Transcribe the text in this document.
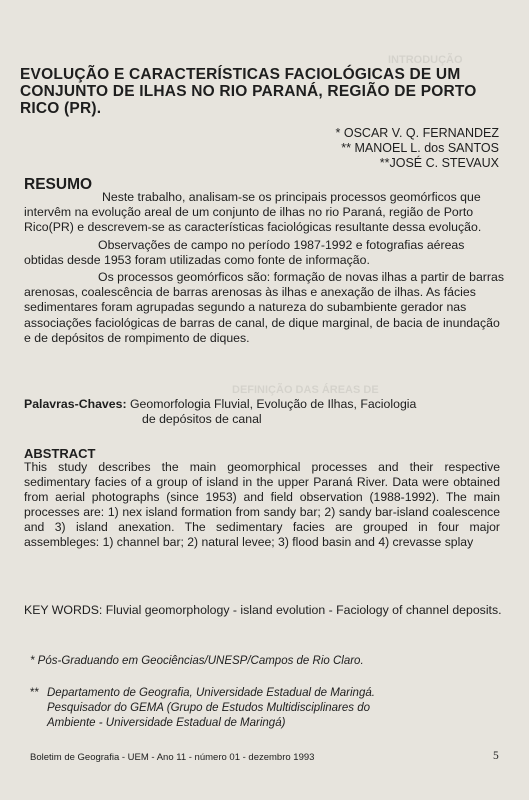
INTRODUÇÃO
DEFINIÇÃO DAS ÁREAS DE
EVOLUÇÃO E CARACTERÍSTICAS FACIOLÓGICAS DE UM CONJUNTO DE ILHAS NO RIO PARANÁ, REGIÃO DE PORTO RICO (PR).
* OSCAR V. Q. FERNANDEZ
** MANOEL L. dos SANTOS
**JOSÉ C. STEVAUX
RESUMO

Neste trabalho, analisam-se os principais processos geomórficos que intervêm na evolução areal de um conjunto de ilhas no rio Paraná, região de Porto Rico(PR) e descrevem-se as características faciológicas resultante dessa evolução.

Observações de campo no período 1987-1992 e fotografias aéreas obtidas desde 1953 foram utilizadas como fonte de informação.

Os processos geomórficos são: formação de novas ilhas a partir de barras arenosas, coalescência de barras arenosas às ilhas e anexação de ilhas. As fácies sedimentares foram agrupadas segundo a natureza do subambiente gerador nas associações faciológicas de barras de canal, de dique marginal, de bacia de inundação e de depósitos de rompimento de diques.

Palavras-Chaves: Geomorfologia Fluvial, Evolução de Ilhas, Faciologia
de depósitos de canal
ABSTRACT
This study describes the main geomorphical processes and their respective sedimentary facies of a group of island in the upper Paraná River. Data were obtained from aerial photographs (since 1953) and field observation (1988-1992). The main processes are: 1) nex island formation from sandy bar; 2) sandy bar-island coalescence and 3) island anexation. The sedimentary facies are grouped in four major assembleges: 1) channel bar; 2) natural levee; 3) flood basin and 4) crevasse splay
KEY WORDS: Fluvial geomorphology - island evolution - Faciology of channel deposits.
* Pós-Graduando em Geociências/UNESP/Campos de Rio Claro.
** Departamento de Geografia, Universidade Estadual de Maringá.
Pesquisador do GEMA (Grupo de Estudos Multidisciplinares do
Ambiente - Universidade Estadual de Maringá)
Boletim de Geografia - UEM - Ano 11 - número 01 - dezembro 1993	5
